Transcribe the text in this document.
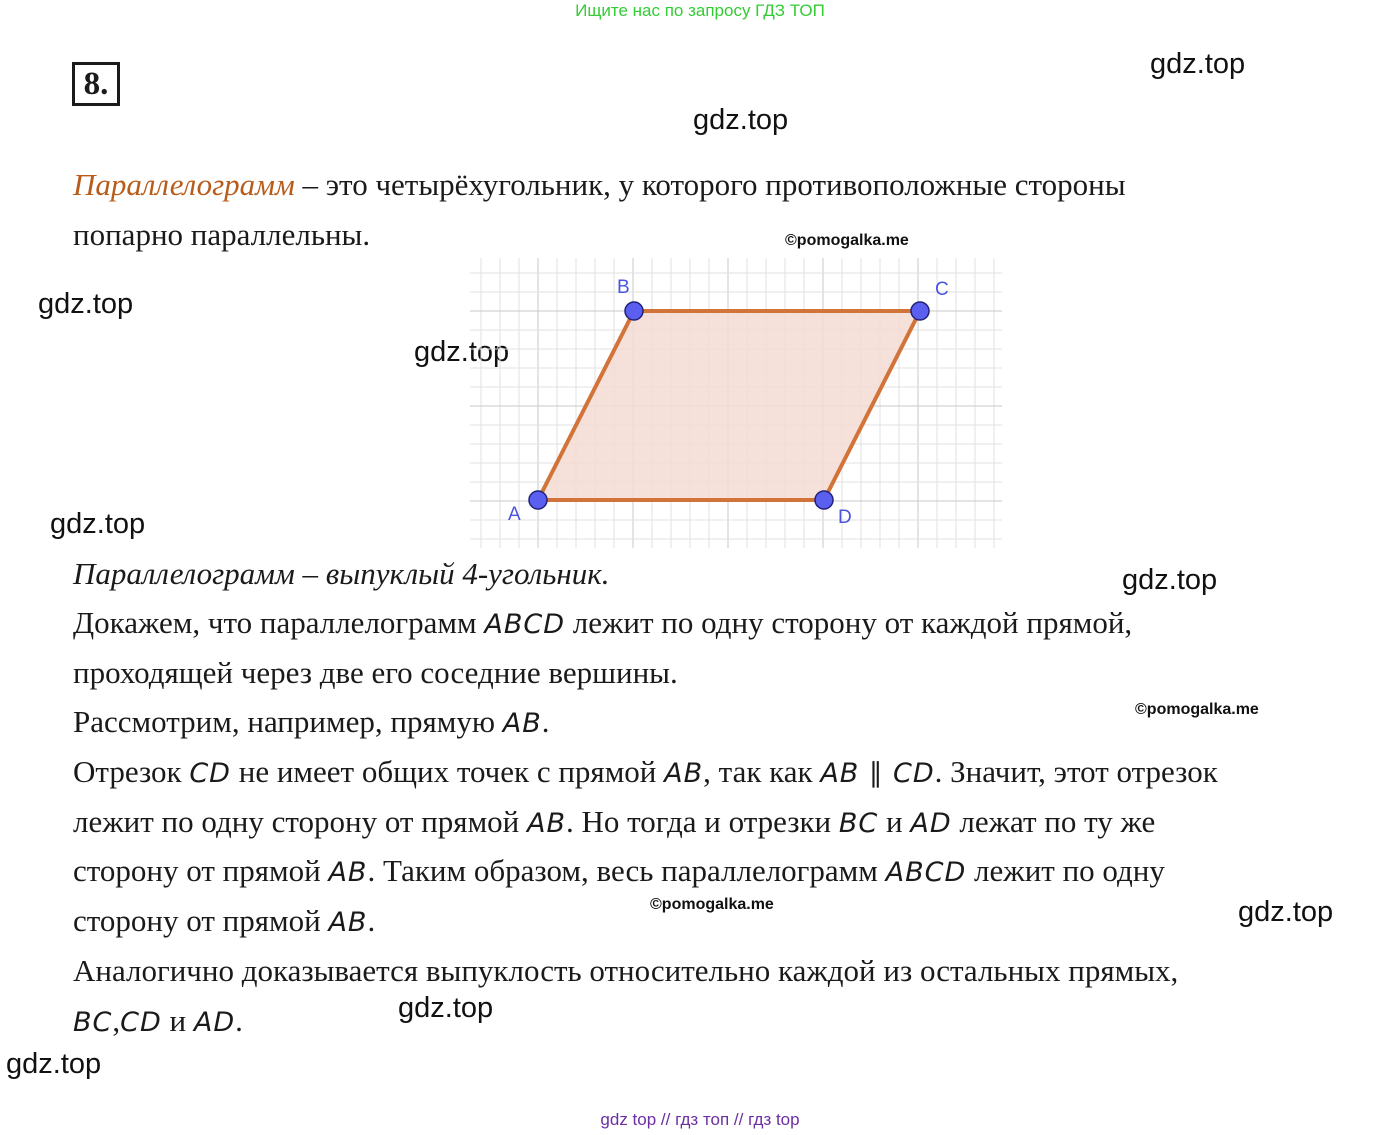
Ищите нас по запросу ГДЗ ТОП
8.
gdz.top
gdz.top
gdz.top
gdz.top
gdz.top
gdz.top
gdz.top
gdz.top
gdz.top
©pomogalka.me
©pomogalka.me
©pomogalka.me
Параллелограмм – это четырёхугольник, у которого противоположные стороны
попарно параллельны.
A
B	C
D
Параллелограмм – выпуклый 4-угольник.
Докажем, что параллелограмм ABCD лежит по одну сторону от каждой прямой,
проходящей через две его соседние вершины.
Рассмотрим, например, прямую AB.
Отрезок CD не имеет общих точек с прямой AB, так как AB ∥ CD. Значит, этот отрезок
лежит по одну сторону от прямой AB. Но тогда и отрезки BC и AD лежат по ту же
сторону от прямой AB. Таким образом, весь параллелограмм ABCD лежит по одну
сторону от прямой AB.
Аналогично доказывается выпуклость относительно каждой из остальных прямых,
BC,CD и AD.
gdz top // гдз топ // гдз top
